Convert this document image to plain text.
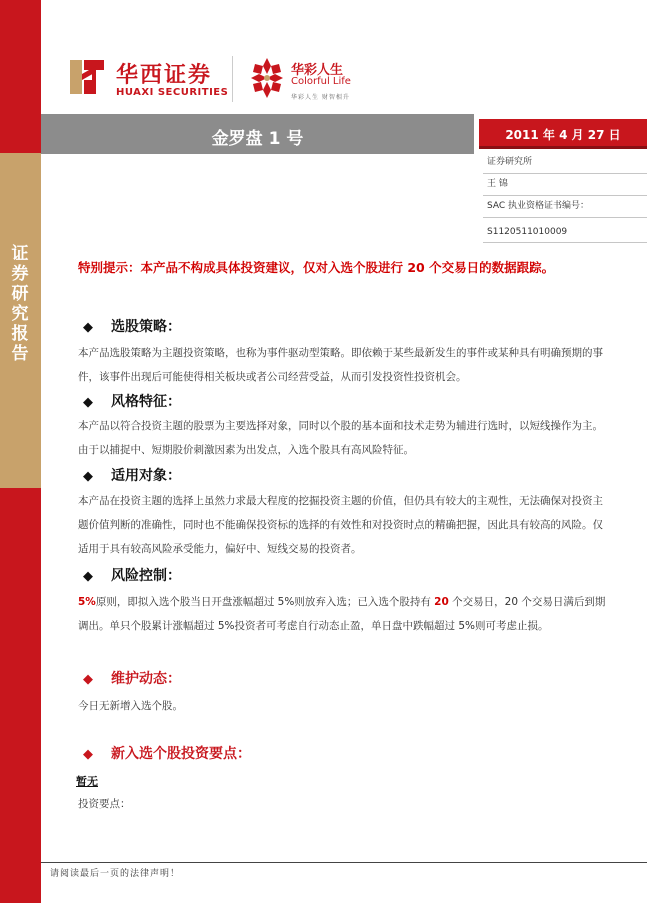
证
券
研
究
报
告
华西证券
HUAXI SECURITIES
华彩人生
Colorful Life
华彩人生 财智相升
金罗盘 1 号	2011 年 4 月 27 日
证券研究所
王 锦
SAC 执业资格证书编号：
S1120511010009
特别提示：本产品不构成具体投资建议，仅对入选个股进行 20 个交易日的数据跟踪。
◆ 选股策略：
本产品选股策略为主题投资策略，也称为事件驱动型策略。即依赖于某些最新发生的事件或某种具有明确预期的事件，该事件出现后可能使得相关板块或者公司经营受益，从而引发投资性投资机会。
◆ 风格特征：
本产品以符合投资主题的股票为主要选择对象，同时以个股的基本面和技术走势为辅进行选时，以短线操作为主。由于以捕捉中、短期股价刺激因素为出发点，入选个股具有高风险特征。
◆ 适用对象：
本产品在投资主题的选择上虽然力求最大程度的挖掘投资主题的价值，但仍具有较大的主观性，无法确保对投资主题价值判断的准确性，同时也不能确保投资标的选择的有效性和对投资时点的精确把握，因此具有较高的风险。仅适用于具有较高风险承受能力，偏好中、短线交易的投资者。
◆ 风险控制：
5%原则，即拟入选个股当日开盘涨幅超过 5%则放弃入选；已入选个股持有 20 个交易日，20 个交易日满后到期调出。单只个股累计涨幅超过 5%投资者可考虑自行动态止盈，单日盘中跌幅超过 5%则可考虑止损。
◆ 维护动态：
今日无新增入选个股。
◆ 新入选个股投资要点：
暂无
投资要点：
请阅读最后一页的法律声明！
